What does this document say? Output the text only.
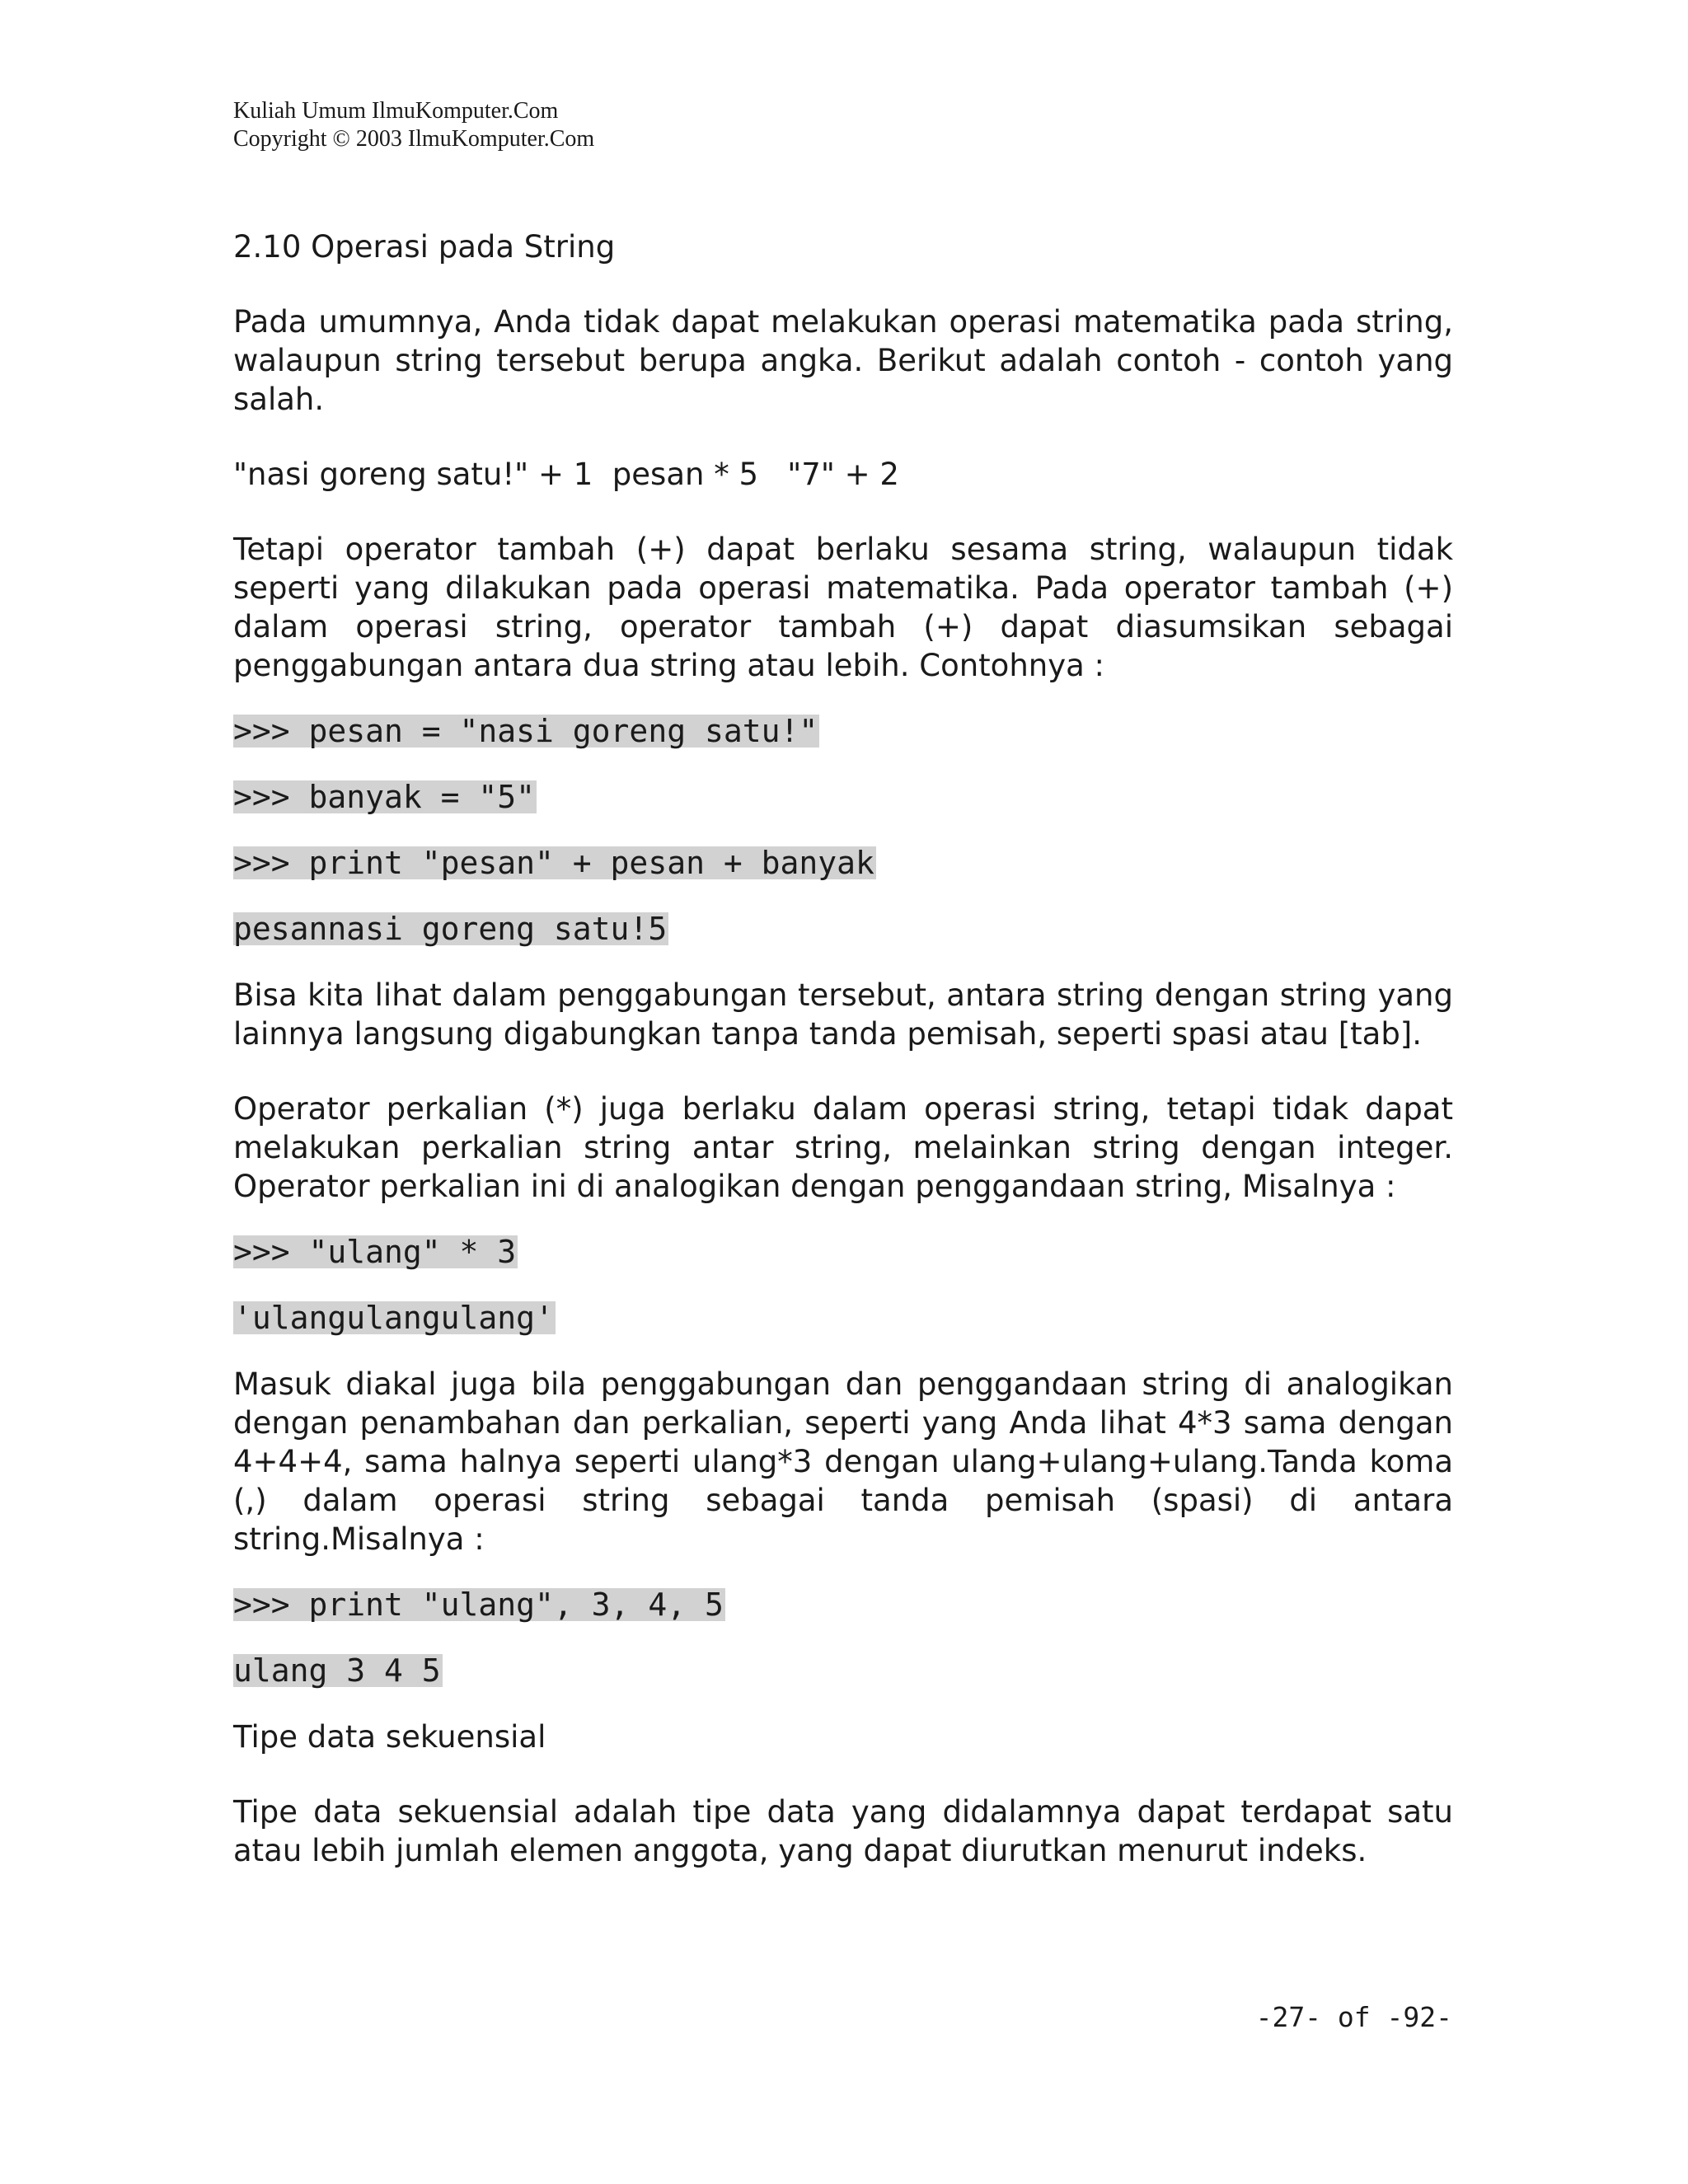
Kuliah Umum IlmuKomputer.Com
Copyright © 2003 IlmuKomputer.Com
2.10 Operasi pada String

Pada umumnya, Anda tidak dapat melakukan operasi matematika pada string, walaupun string tersebut berupa angka. Berikut adalah contoh - contoh yang salah.

"nasi goreng satu!" + 1  pesan * 5   "7" + 2

Tetapi operator tambah (+) dapat berlaku sesama string, walaupun tidak seperti yang dilakukan pada operasi matematika. Pada operator tambah (+) dalam operasi string, operator tambah (+) dapat diasumsikan sebagai penggabungan antara dua string atau lebih. Contohnya :

>>> pesan = "nasi goreng satu!"
>>> banyak = "5"
>>> print "pesan" + pesan + banyak
pesannasi goreng satu!5

Bisa kita lihat dalam penggabungan tersebut, antara string dengan string yang lainnya langsung digabungkan tanpa tanda pemisah, seperti spasi atau [tab].

Operator perkalian (*) juga berlaku dalam operasi string, tetapi tidak dapat melakukan perkalian string antar string, melainkan string dengan integer. Operator perkalian ini di analogikan dengan penggandaan string, Misalnya :

>>> "ulang" * 3
'ulangulangulang'

Masuk diakal juga bila penggabungan dan penggandaan string di analogikan dengan penambahan dan perkalian, seperti yang Anda lihat 4*3 sama dengan 4+4+4, sama halnya seperti ulang*3 dengan ulang+ulang+ulang.Tanda koma (,) dalam operasi string sebagai tanda pemisah (spasi) di antara string.Misalnya :

>>> print "ulang", 3, 4, 5
ulang 3 4 5

Tipe data sekuensial

Tipe data sekuensial adalah tipe data yang didalamnya dapat terdapat satu atau lebih jumlah elemen anggota, yang dapat diurutkan menurut indeks.

-27- of -92-
